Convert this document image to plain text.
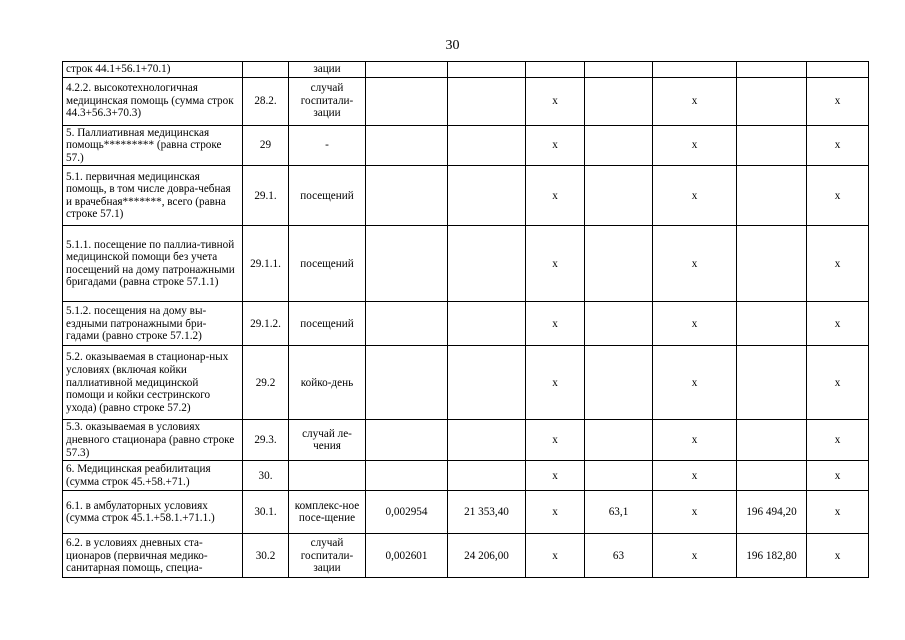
30
строк 44.1+56.1+70.1)		зации							
4.2.2. высокотехнологичная медицинская помощь (сумма строк 44.3+56.3+70.3)	28.2.	случай госпитали-зации			х		х		х
5. Паллиативная медицинская помощь********* (равна строке 57.)	29	-			х		х		х
5.1. первичная медицинская помощь, в том числе довра-чебная и врачебная*******, всего (равна строке 57.1)	29.1.	посещений			х		х		х
5.1.1. посещение по паллиа-тивной медицинской помощи без учета посещений на дому патронажными бригадами (равна строке 57.1.1)	29.1.1.	посещений			х		х		х
5.1.2. посещения на дому вы-ездными патронажными бри-гадами (равно строке 57.1.2)	29.1.2.	посещений			х		х		х
5.2. оказываемая в стационар-ных условиях (включая койки паллиативной медицинской помощи и койки сестринского ухода) (равно строке 57.2)	29.2	койко-день			х		х		х
5.3. оказываемая в условиях дневного стационара (равно строке 57.3)	29.3.	случай ле-чения			х		х		х
6. Медицинская реабилитация (сумма строк 45.+58.+71.)	30.				х		х		х
6.1. в амбулаторных условиях (сумма строк 45.1.+58.1.+71.1.)	30.1.	комплекс-ное посе-щение	0,002954	21 353,40	х	63,1	х	196 494,20	х
6.2. в условиях дневных ста-ционаров (первичная медико-санитарная помощь, специа-	30.2	случай госпитали-зации	0,002601	24 206,00	х	63	х	196 182,80	х
